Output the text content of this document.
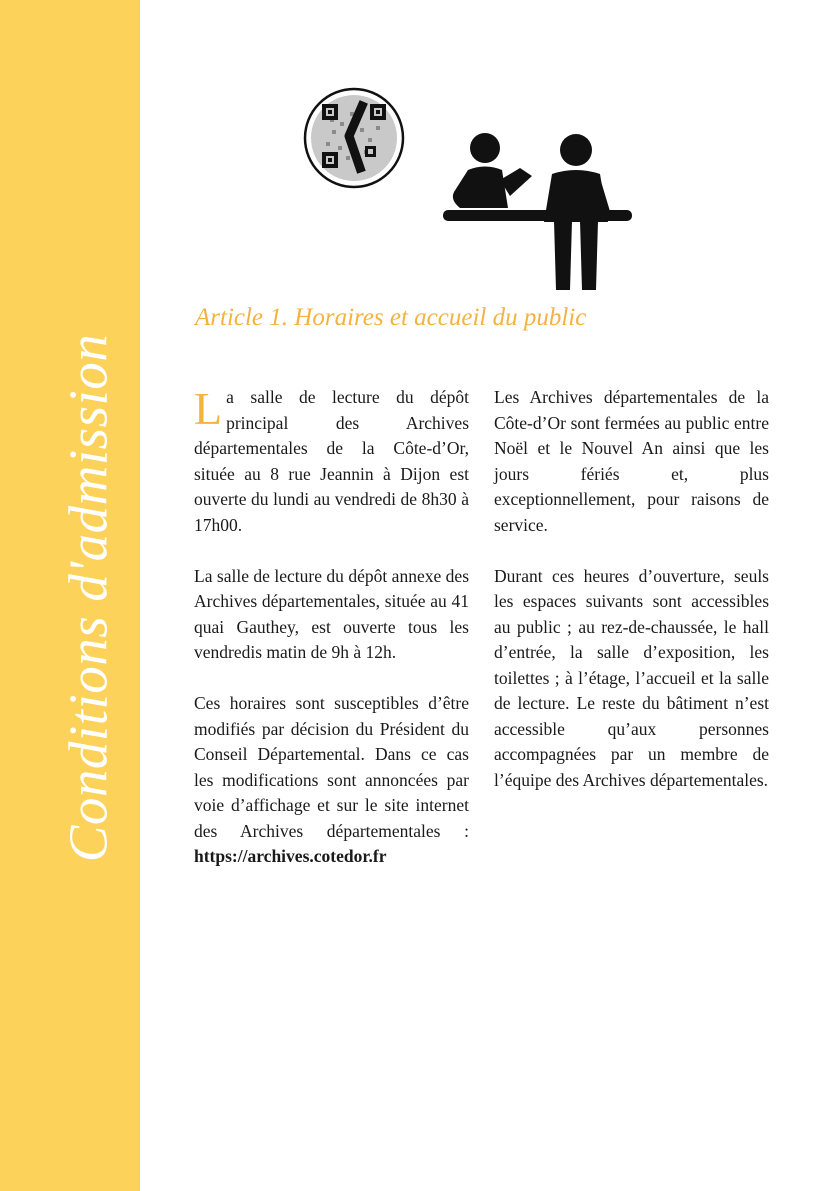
Conditions d'admission
Article 1. Horaires et accueil du public

La salle de lecture du dépôt principal des Archives départementales de la Côte-d’Or, située au 8 rue Jeannin à Dijon est ouverte du lundi au vendredi de 8h30 à 17h00.

La salle de lecture du dépôt annexe des Archives départementales, située au 41 quai Gauthey, est ouverte tous les vendredis matin de 9h à 12h.

Ces horaires sont susceptibles d’être modifiés par décision du Président du Conseil Départemental. Dans ce cas les modifications sont annoncées par voie d’affichage et sur le site internet des Archives départementales : https://archives.cotedor.fr

Les Archives départementales de la Côte-d’Or sont fermées au public entre Noël et le Nouvel An ainsi que les jours fériés et, plus exceptionnellement, pour raisons de service.

Durant ces heures d’ouverture, seuls les espaces suivants sont accessibles au public ; au rez-de-chaussée, le hall d’entrée, la salle d’exposition, les toilettes ; à l’étage, l’accueil et la salle de lecture. Le reste du bâtiment n’est accessible qu’aux personnes accompagnées par un membre de l’équipe des Archives départementales.
